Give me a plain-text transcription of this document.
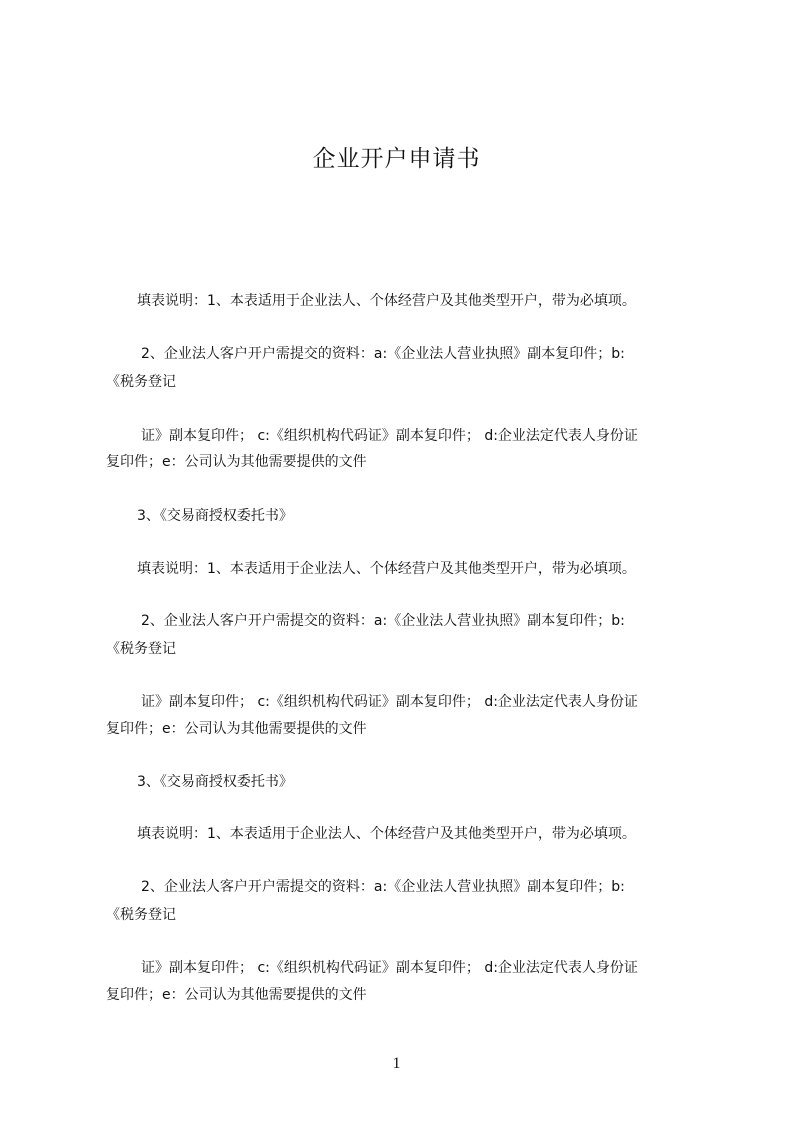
企业开户申请书

填表说明：1、本表适用于企业法人、个体经营户及其他类型开户，带为必填项。

2、企业法人客户开户需提交的资料：a:《企业法人营业执照》副本复印件；b:

《税务登记

证》副本复印件； c:《组织机构代码证》副本复印件； d:企业法定代表人身份证

复印件；e：公司认为其他需要提供的文件

3、《交易商授权委托书》

填表说明：1、本表适用于企业法人、个体经营户及其他类型开户，带为必填项。

2、企业法人客户开户需提交的资料：a:《企业法人营业执照》副本复印件；b:

《税务登记

证》副本复印件； c:《组织机构代码证》副本复印件； d:企业法定代表人身份证

复印件；e：公司认为其他需要提供的文件

3、《交易商授权委托书》

填表说明：1、本表适用于企业法人、个体经营户及其他类型开户，带为必填项。

2、企业法人客户开户需提交的资料：a:《企业法人营业执照》副本复印件；b:

《税务登记

证》副本复印件； c:《组织机构代码证》副本复印件； d:企业法定代表人身份证

复印件；e：公司认为其他需要提供的文件

1
